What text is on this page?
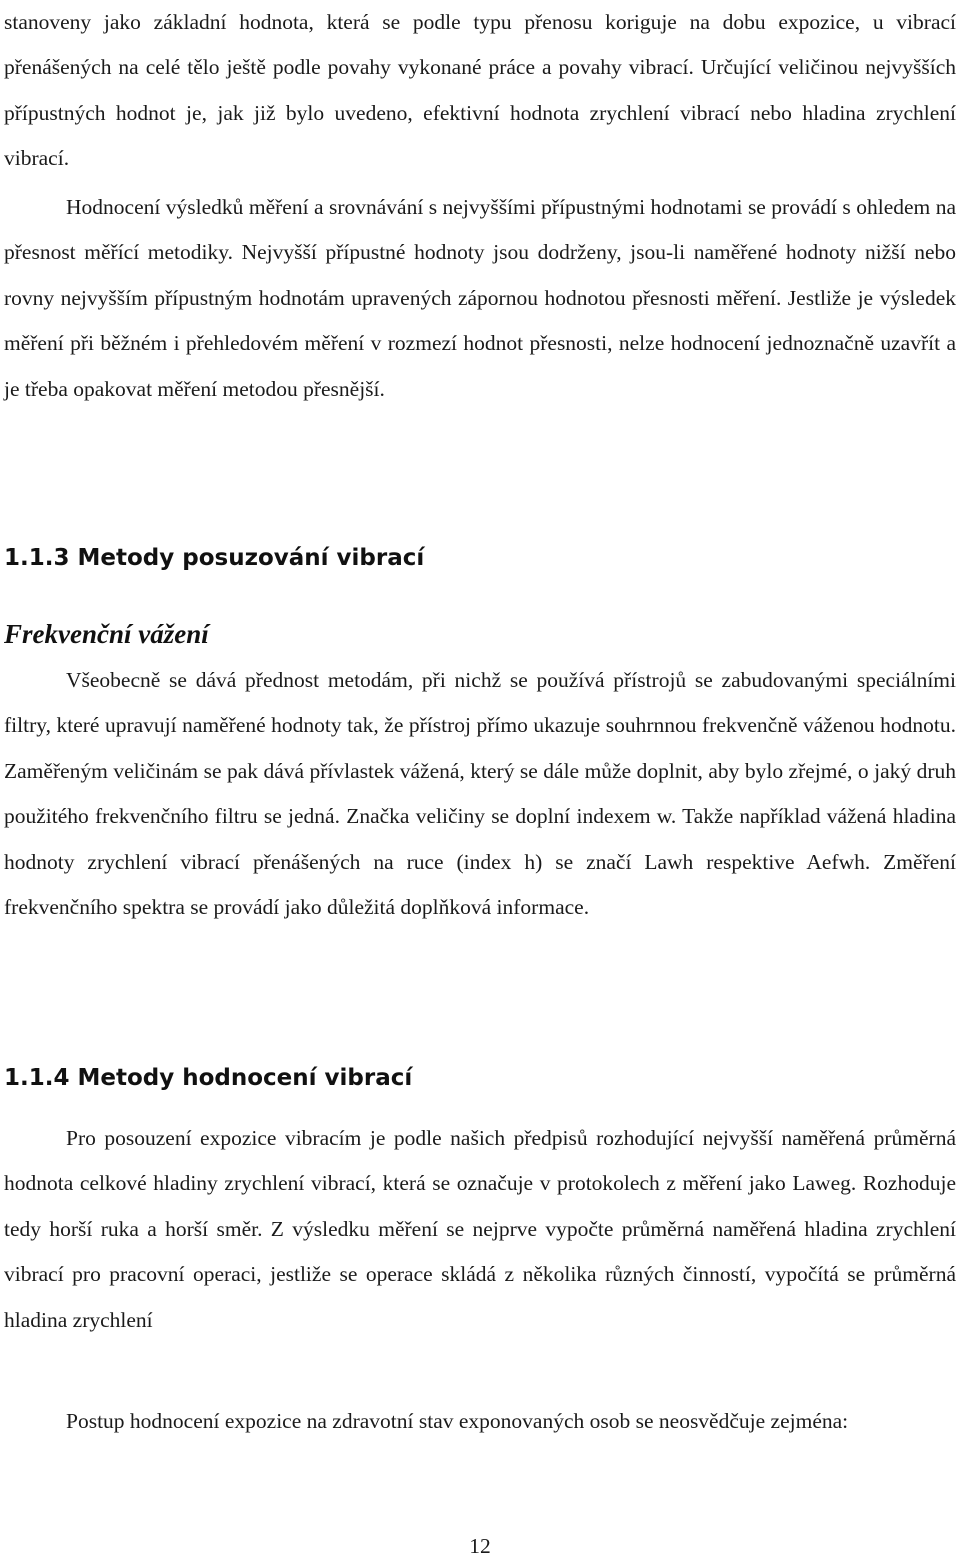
stanoveny jako základní hodnota, která se podle typu přenosu koriguje na dobu expozice, u vibrací přenášených na celé tělo ještě podle povahy vykonané práce a povahy vibrací. Určující veličinou nejvyšších přípustných hodnot je, jak již bylo uvedeno, efektivní hodnota zrychlení vibrací nebo hladina zrychlení vibrací.

Hodnocení výsledků měření a srovnávání s nejvyššími přípustnými hodnotami se provádí s ohledem na přesnost měřící metodiky. Nejvyšší přípustné hodnoty jsou dodrženy, jsou-li naměřené hodnoty nižší nebo rovny nejvyšším přípustným hodnotám upravených zápornou hodnotou přesnosti měření. Jestliže je výsledek měření při běžném i přehledovém měření v rozmezí hodnot přesnosti, nelze hodnocení jednoznačně uzavřít a je třeba opakovat měření metodou přesnější.

1.1.3 Metody posuzování vibrací
Frekvenční vážení

Všeobecně se dává přednost metodám, při nichž se používá přístrojů se zabudovanými speciálními filtry, které upravují naměřené hodnoty tak, že přístroj přímo ukazuje souhrnnou frekvenčně váženou hodnotu. Zaměřeným veličinám se pak dává přívlastek vážená, který se dále může doplnit, aby bylo zřejmé, o jaký druh použitého frekvenčního filtru se jedná. Značka veličiny se doplní indexem w. Takže například vážená hladina hodnoty zrychlení vibrací přenášených na ruce (index h) se značí Lawh respektive Aefwh. Změření frekvenčního spektra se provádí jako důležitá doplňková informace.

1.1.4 Metody hodnocení vibrací

Pro posouzení expozice vibracím je podle našich předpisů rozhodující nejvyšší naměřená průměrná hodnota celkové hladiny zrychlení vibrací, která se označuje v protokolech z měření jako Laweg. Rozhoduje tedy horší ruka a horší směr. Z výsledku měření se nejprve vypočte průměrná naměřená hladina zrychlení vibrací pro pracovní operaci, jestliže se operace skládá z několika různých činností, vypočítá se průměrná hladina zrychlení

Postup hodnocení expozice na zdravotní stav exponovaných osob se neosvědčuje zejména:

12
